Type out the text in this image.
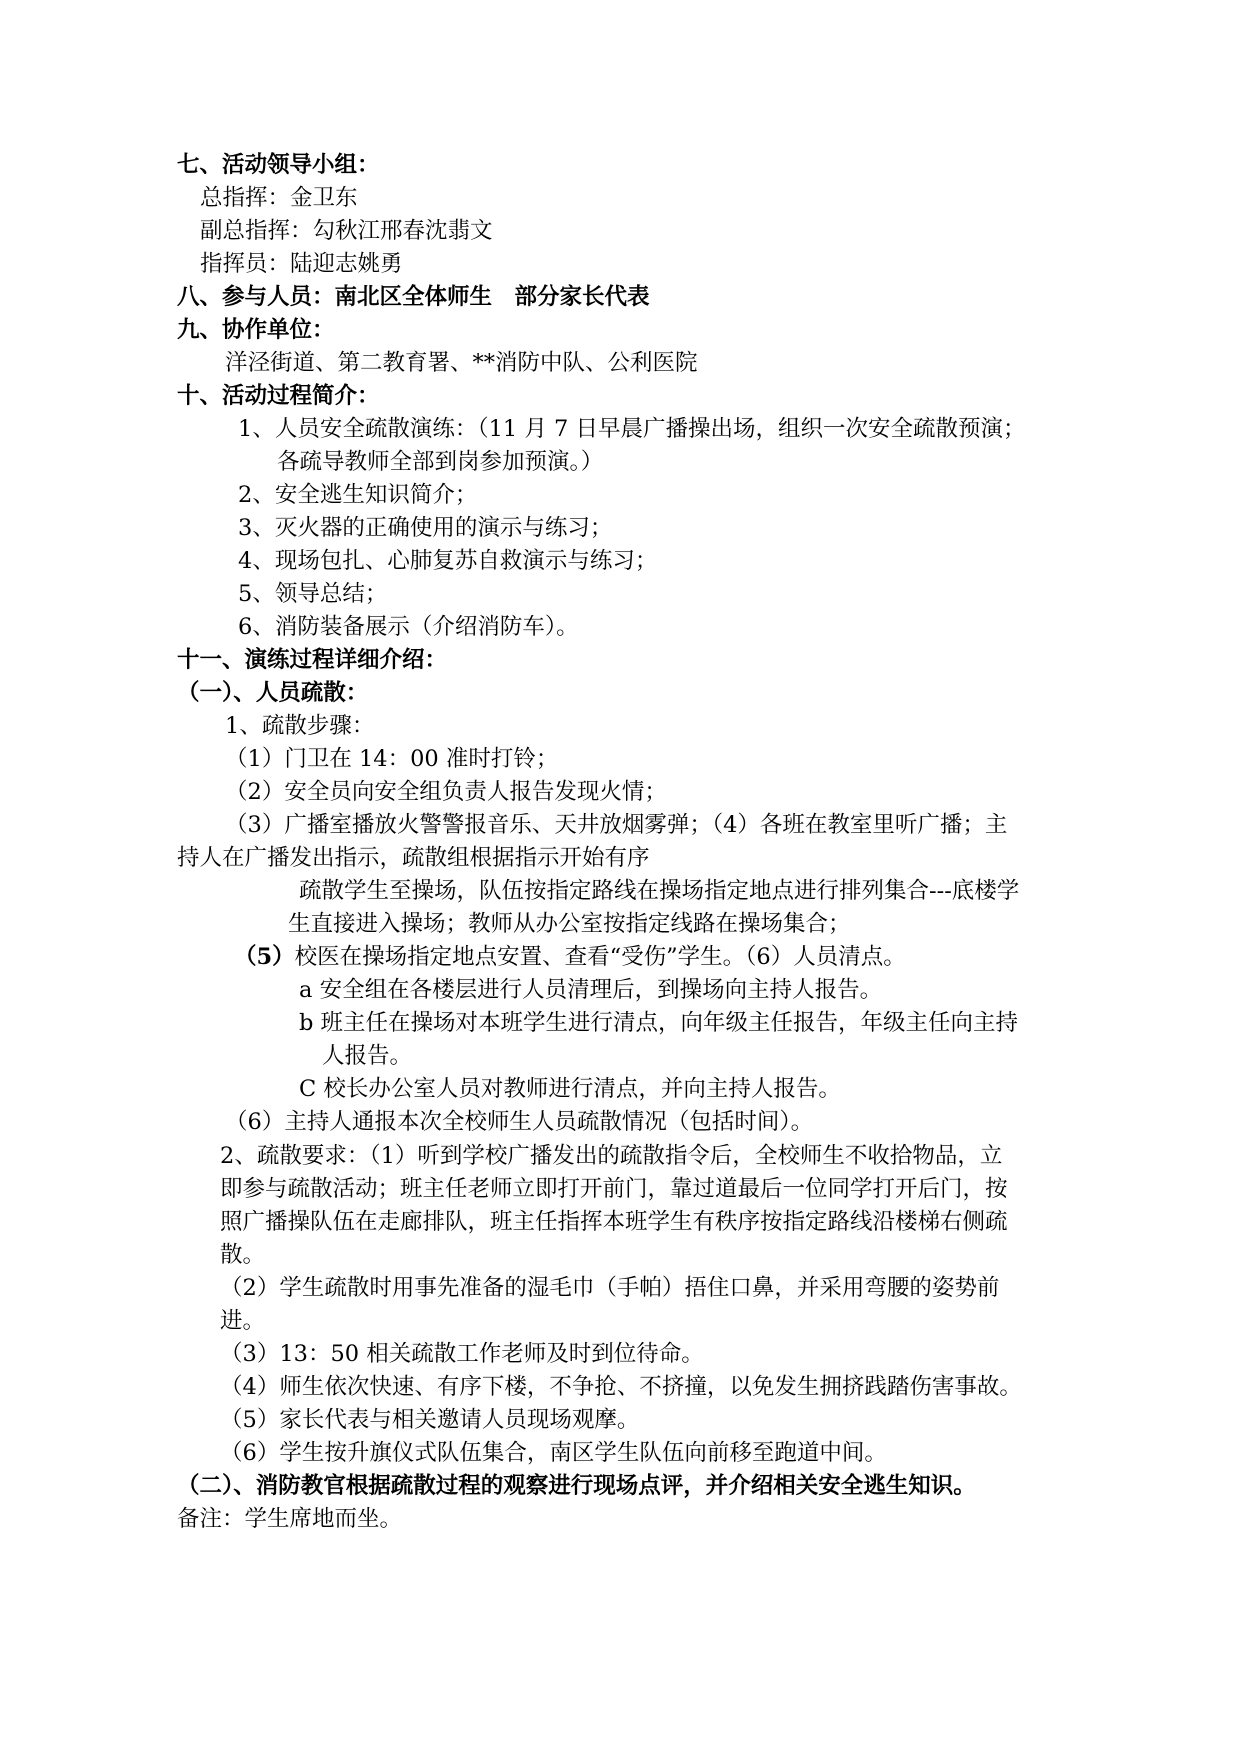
七、活动领导小组：
总指挥：金卫东
副总指挥：勾秋江邢春沈翡文
指挥员：陆迎志姚勇
八、参与人员：南北区全体师生　部分家长代表
九、协作单位：
洋泾街道、第二教育署、**消防中队、公利医院
十、活动过程简介：
1、人员安全疏散演练：（11 月 7 日早晨广播操出场，组织一次安全疏散预演；
各疏导教师全部到岗参加预演。）
2、安全逃生知识简介；
3、灭火器的正确使用的演示与练习；
4、现场包扎、心肺复苏自救演示与练习；
5、领导总结；
6、消防装备展示（介绍消防车）。
十一、演练过程详细介绍：
（一）、人员疏散：
1、疏散步骤：
（1）门卫在 14：00 准时打铃；
（2）安全员向安全组负责人报告发现火情；
（3）广播室播放火警警报音乐、天井放烟雾弹；（4）各班在教室里听广播；主
持人在广播发出指示，疏散组根据指示开始有序
疏散学生至操场，队伍按指定路线在操场指定地点进行排列集合---底楼学
生直接进入操场；教师从办公室按指定线路在操场集合；
（5）校医在操场指定地点安置、查看“受伤”学生。（6）人员清点。
a 安全组在各楼层进行人员清理后，到操场向主持人报告。
b 班主任在操场对本班学生进行清点，向年级主任报告，年级主任向主持
人报告。
C 校长办公室人员对教师进行清点，并向主持人报告。
（6）主持人通报本次全校师生人员疏散情况（包括时间）。
2、疏散要求：（1）听到学校广播发出的疏散指令后，全校师生不收拾物品，立
即参与疏散活动；班主任老师立即打开前门，靠过道最后一位同学打开后门，按
照广播操队伍在走廊排队，班主任指挥本班学生有秩序按指定路线沿楼梯右侧疏
散。
（2）学生疏散时用事先准备的湿毛巾（手帕）捂住口鼻，并采用弯腰的姿势前
进。
（3）13：50 相关疏散工作老师及时到位待命。
（4）师生依次快速、有序下楼，不争抢、不挤撞，以免发生拥挤践踏伤害事故。
（5）家长代表与相关邀请人员现场观摩。
（6）学生按升旗仪式队伍集合，南区学生队伍向前移至跑道中间。
（二）、消防教官根据疏散过程的观察进行现场点评，并介绍相关安全逃生知识。
备注：学生席地而坐。
